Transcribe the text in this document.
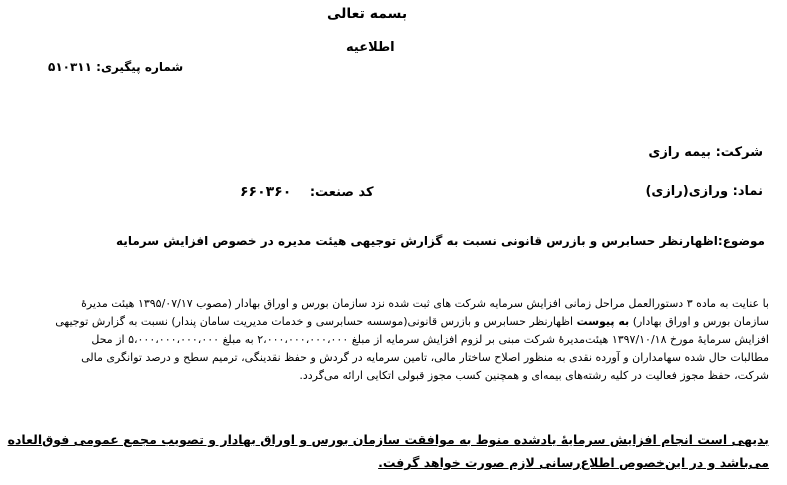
بسمه تعالی
اطلاعیه
شماره پیگیری: ۵۱۰۳۱۱
شرکت: بیمه رازی
نماد: ورازی(رازی)
کد صنعت: ۶۶۰۳۶۰
موضوع:اظهارنظر حسابرس و بازرس قانونی نسبت به گزارش توجیهی هیئت مدیره در خصوص افزایش سرمایه
با عنایت به ماده ۳ دستورالعمل مراحل زمانی افزایش سرمایه شرکت های ثبت شده نزد سازمان بورس و اوراق بهادار (مصوب ۱۳۹۵/۰۷/۱۷ هیئت مدیرهٔ
سازمان بورس و اوراق بهادار) به پیوست اظهارنظر حسابرس و بازرس قانونی(موسسه حسابرسی و خدمات مدیریت سامان پندار) نسبت به گزارش توجیهی
افزایش سرمایهٔ مورخ ۱۳۹۷/۱۰/۱۸ هیئت‌مدیرهٔ شرکت مبنی بر لزوم افزایش سرمایه از مبلغ ۲،۰۰۰،۰۰۰،۰۰۰،۰۰۰ به مبلغ ۵،۰۰۰،۰۰۰،۰۰۰،۰۰۰ از محل
مطالبات حال شده سهامداران و آورده نقدی به منظور اصلاح ساختار مالی، تامین سرمایه در گردش و حفظ نقدینگی، ترمیم سطح و درصد توانگری مالی
شرکت، حفظ مجوز فعالیت در کلیه رشته‌های بیمه‌ای و همچنین کسب مجوز قبولی اتکایی ارائه می‌گردد.
بدیهی است انجام افزایش سرمایهٔ یادشده منوط به موافقت سازمان بورس و اوراق بهادار و تصویب مجمع عمومی فوق‌العاده
می‌باشد و در این‌خصوص اطلاع‌رسانی لازم صورت خواهد گرفت.
